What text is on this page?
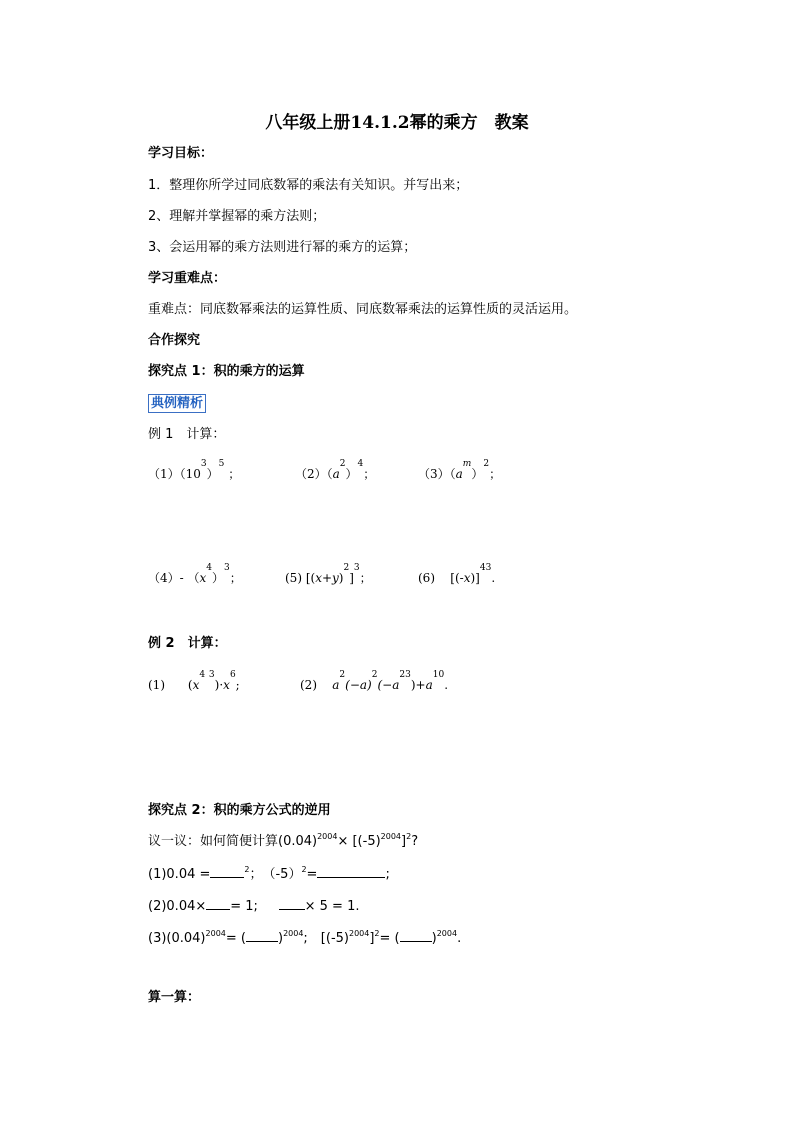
八年级上册14.1.2幂的乘方　教案
学习目标：
1．整理你所学过同底数幂的乘法有关知识。并写出来；
2、理解并掌握幂的乘方法则；
3、会运用幂的乘方法则进行幂的乘方的运算；
学习重难点：
重难点：同底数幂乘法的运算性质、同底数幂乘法的运算性质的灵活运用。
合作探究
探究点 1：积的乘方的运算
典例精析
例 1　计算：
$(1)(10^3)^5$ ；	$(2)(a^2)^4$；	$(3)(a^m)^2$；
（4）- $(x^4)^3$；	(5) $[(x+y)^2]^3$；	(6) $[(-x)]^{43}$.
例 2　计算：
(1) ($x^4$ $^3)\cdot x^6$;	(2) $a^2(-a)^2(-a^{23})+a^{10}$.
探究点 2：积的乘方公式的逆用
议一议：如何简便计算$(0.04)^{2004}\times [(-5)^{2004}]^2$?
(1)0.04 =	$^2$；　$(-5)^2=$	;
(2)0.04× = 1;	× 5 = 1.
$(3)(0.04)^{2004}=$ ( )$^{2004}$;　$[(-5)^{2004}]^2=$ ( )$^{2004}$.
算一算：
